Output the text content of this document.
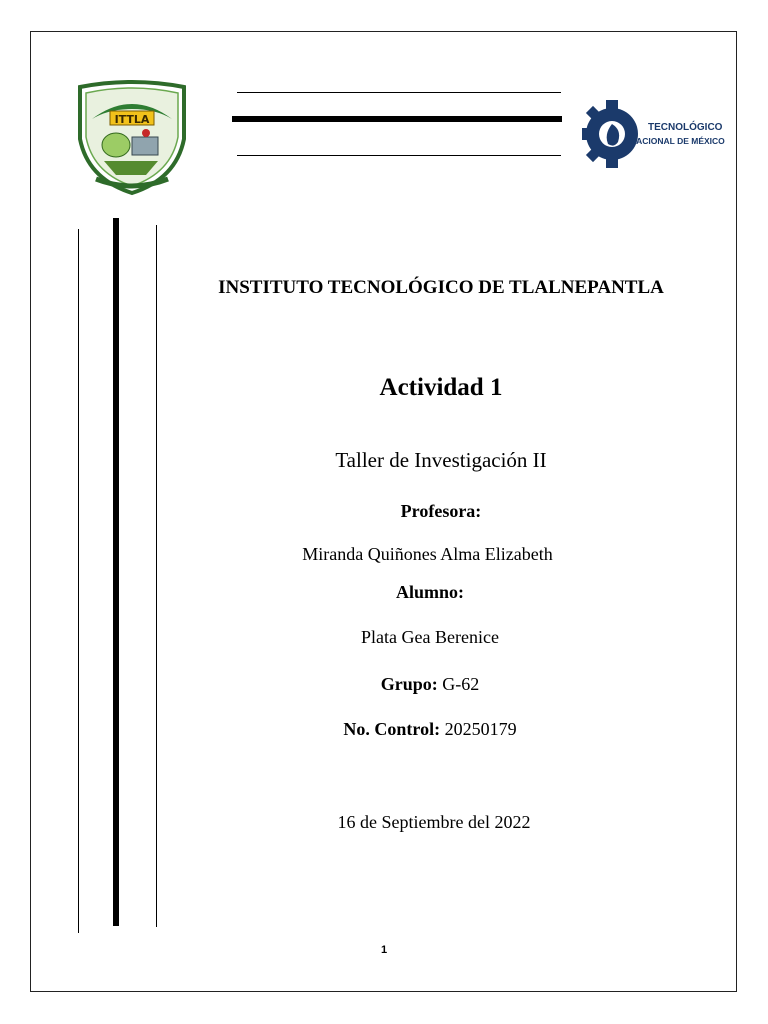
ITTLA
TECNOLÓGICO
NACIONAL DE MÉXICO
INSTITUTO TECNOLÓGICO DE TLALNEPANTLA
Actividad 1
Taller de Investigación II
Profesora:
Miranda Quiñones Alma Elizabeth
Alumno:
Plata Gea Berenice
Grupo: G-62
No. Control: 20250179
16 de Septiembre del 2022
1
